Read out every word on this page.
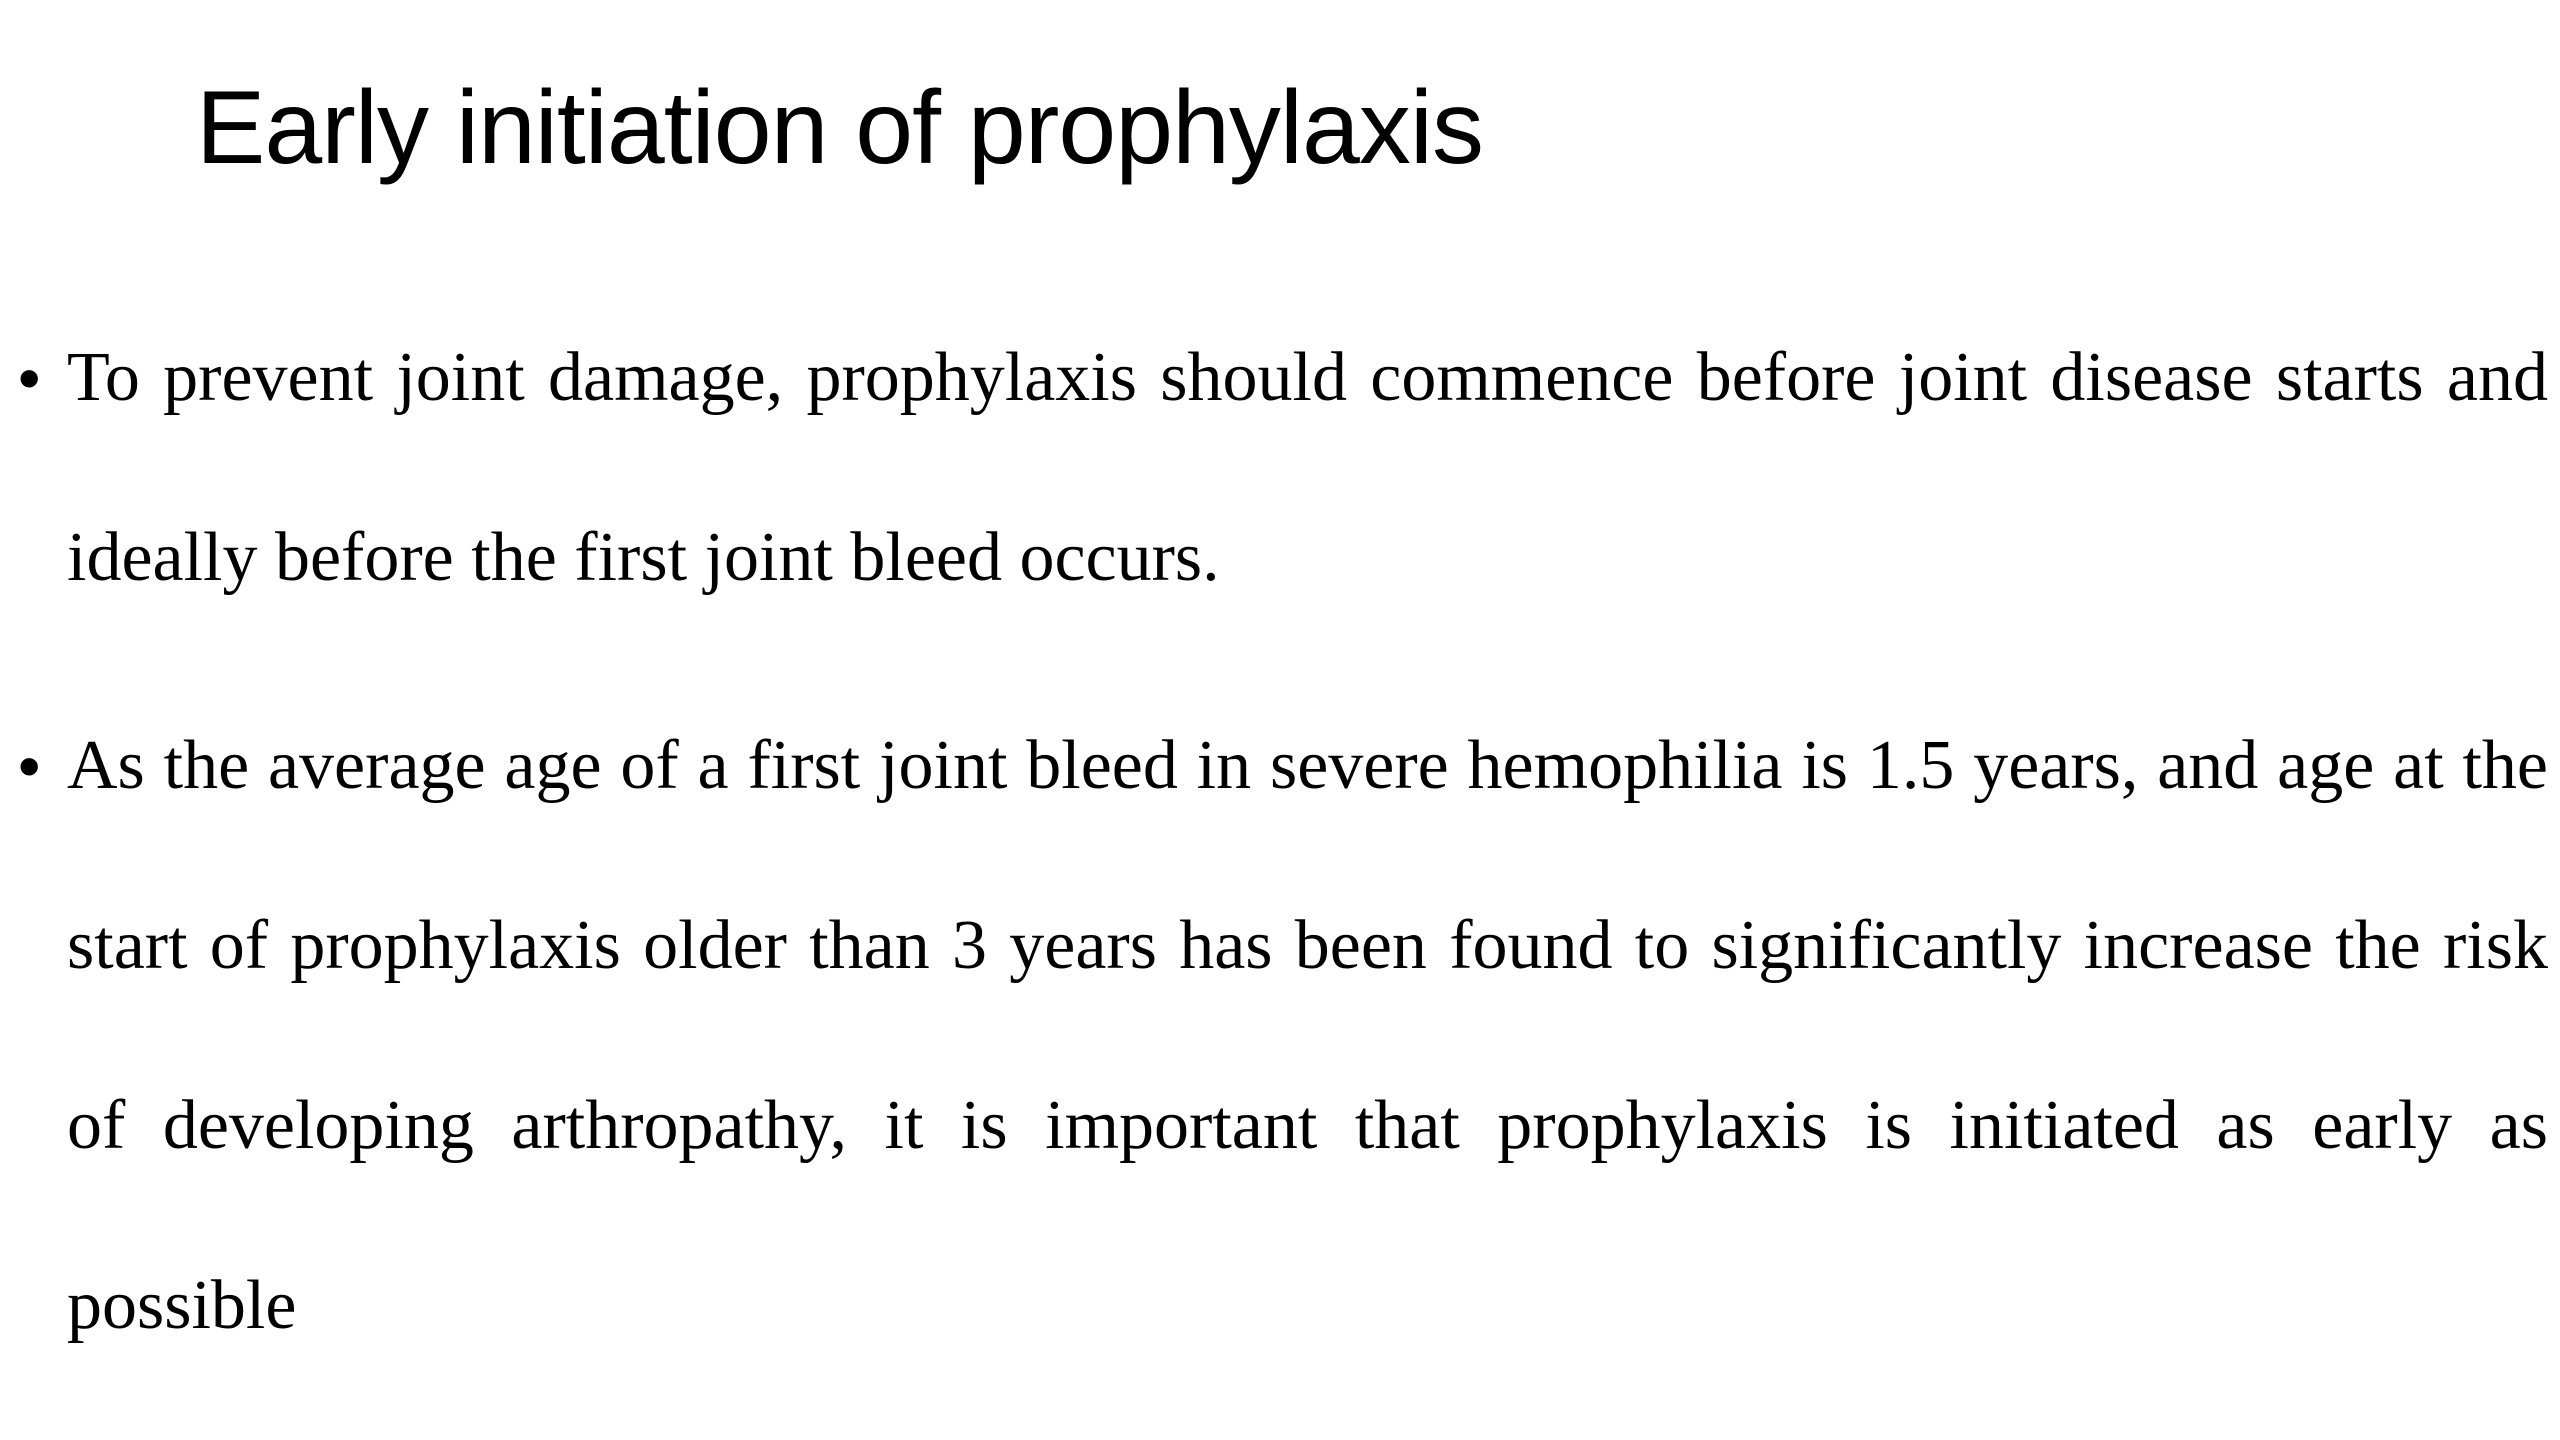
Early initiation of prophylaxis
• To prevent joint damage, prophylaxis should commence before joint disease starts and ideally before the first joint bleed occurs.
• As the average age of a first joint bleed in severe hemophilia is 1.5 years, and age at the start of prophylaxis older than 3 years has been found to significantly increase the risk of developing arthropathy, it is important that prophylaxis is initiated as early as possible
